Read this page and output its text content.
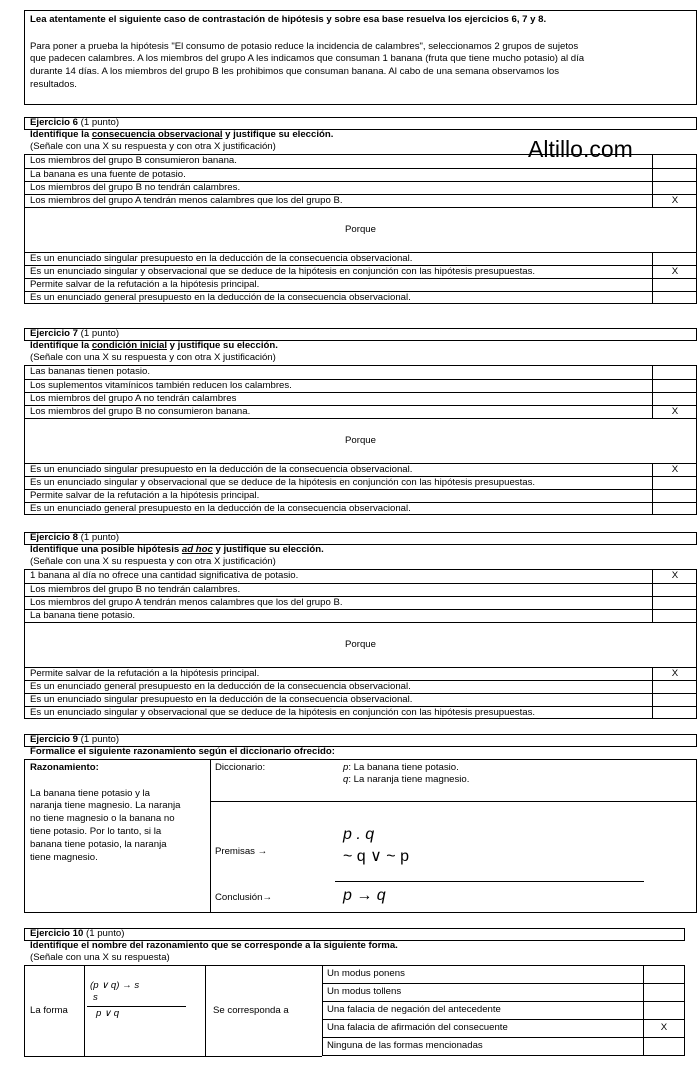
Lea atentamente el siguiente caso de contrastación de hipótesis y sobre esa base resuelva los ejercicios 6, 7 y 8.
Para poner a prueba la hipótesis "El consumo de potasio reduce la incidencia de calambres", seleccionamos 2 grupos de sujetos
que padecen calambres. A los miembros del grupo A les indicamos que consuman 1 banana (fruta que tiene mucho potasio) al día
durante 14 días. A los miembros del grupo B les prohibimos que consuman banana. Al cabo de una semana observamos los
resultados.
Altillo.com
Ejercicio 6 (1 punto)
Identifique la consecuencia observacional y justifique su elección.
(Señale con una X su respuesta y con otra X justificación)
Los miembros del grupo B consumieron banana.
La banana es una fuente de potasio.
Los miembros del grupo B no tendrán calambres.
Los miembros del grupo A tendrán menos calambres que los del grupo B.	X
Es un enunciado singular presupuesto en la deducción de la consecuencia observacional.
Es un enunciado singular y observacional que se deduce de la hipótesis en conjunción con las hipótesis presupuestas.	X
Permite salvar de la refutación a la hipótesis principal.
Es un enunciado general presupuesto en la deducción de la consecuencia observacional.
Porque
Ejercicio 7 (1 punto)
Identifique la condición inicial y justifique su elección.
(Señale con una X su respuesta y con otra X justificación)
Las bananas tienen potasio.
Los suplementos vitamínicos también reducen los calambres.
Los miembros del grupo A no tendrán calambres
Los miembros del grupo B no consumieron banana.	X
Es un enunciado singular presupuesto en la deducción de la consecuencia observacional.	X
Es un enunciado singular y observacional que se deduce de la hipótesis en conjunción con las hipótesis presupuestas.
Permite salvar de la refutación a la hipótesis principal.
Es un enunciado general presupuesto en la deducción de la consecuencia observacional.
Porque
Ejercicio 8 (1 punto)
Identifique una posible hipótesis ad hoc y justifique su elección.
(Señale con una X su respuesta y con otra X justificación)
1 banana al día no ofrece una cantidad significativa de potasio.	X
Los miembros del grupo B no tendrán calambres.
Los miembros del grupo A tendrán menos calambres que los del grupo B.
La banana tiene potasio.
Permite salvar de la refutación a la hipótesis principal.	X
Es un enunciado general presupuesto en la deducción de la consecuencia observacional.
Es un enunciado singular presupuesto en la deducción de la consecuencia observacional.
Es un enunciado singular y observacional que se deduce de la hipótesis en conjunción con las hipótesis presupuestas.
Porque
Ejercicio 9 (1 punto)
Formalice el siguiente razonamiento según el diccionario ofrecido:
Razonamiento:
La banana tiene potasio y la
naranja tiene magnesio. La naranja
no tiene magnesio o la banana no
tiene potasio. Por lo tanto, si la
banana tiene potasio, la naranja
tiene magnesio.
Diccionario:	p: La banana tiene potasio.
q: La naranja tiene magnesio.
Premisas →
p . q
~ q ∨ ~ p
Conclusión→	p → q
Ejercicio 10 (1 punto)
Identifique el nombre del razonamiento que se corresponde a la siguiente forma.
(Señale con una X su respuesta)
La forma
(p ∨ q) → s
s
p ∨ q	Se corresponda a
Un modus ponens
Un modus tollens
Una falacia de negación del antecedente
Una falacia de afirmación del consecuente	X
Ninguna de las formas mencionadas
